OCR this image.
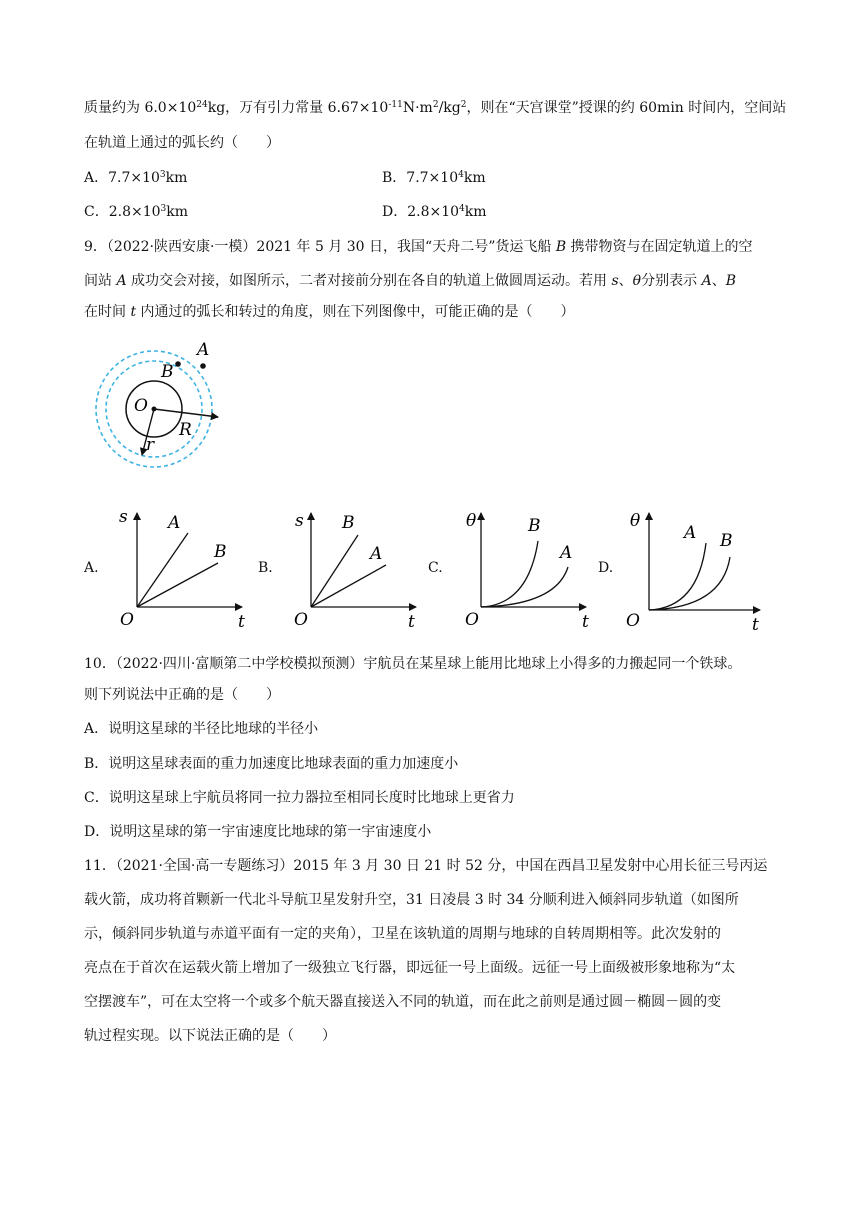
质量约为 $6.0\times 10^{24}kg$，万有引力常量 $6.67\times 10^{-11}N\cdot m^2/kg^2$，则在“天宫课堂”授课的约 60min 时间内，空间站
在轨道上通过的弧长约（　　）
A．$7.7\times 10^3km$	B．$7.7\times 10^4km$
C．$2.8\times 10^3km$	D．$2.8\times 10^4km$
9．（2022·陕西安康·一模）2021 年 5 月 30 日，我国“天舟二号”货运飞船 B 携带物资与在固定轨道上的空
间站 A 成功交会对接，如图所示，二者对接前分别在各自的轨道上做圆周运动。若用 s、θ分别表示 A、B
在时间 t 内通过的弧长和转过的角度，则在下列图像中，可能正确的是（　　）
A
B
O
R
r
A.	B.	C.	D.
s
t
O
A
B
s
t
O
B
A
θ
t
O
B
A
θ
t
O
A B
10．（2022·四川·富顺第二中学校模拟预测）宇航员在某星球上能用比地球上小得多的力搬起同一个铁球。
则下列说法中正确的是（　　）
A．说明这星球的半径比地球的半径小
B．说明这星球表面的重力加速度比地球表面的重力加速度小
C．说明这星球上宇航员将同一拉力器拉至相同长度时比地球上更省力
D．说明这星球的第一宇宙速度比地球的第一宇宙速度小
11．（2021·全国·高一专题练习）2015 年 3 月 30 日 21 时 52 分，中国在西昌卫星发射中心用长征三号丙运
载火箭，成功将首颗新一代北斗导航卫星发射升空，31 日凌晨 3 时 34 分顺利进入倾斜同步轨道（如图所
示，倾斜同步轨道与赤道平面有一定的夹角），卫星在该轨道的周期与地球的自转周期相等。此次发射的
亮点在于首次在运载火箭上增加了一级独立飞行器，即远征一号上面级。远征一号上面级被形象地称为“太
空摆渡车”，可在太空将一个或多个航天器直接送入不同的轨道，而在此之前则是通过圆－椭圆－圆的变
轨过程实现。以下说法正确的是（　　）
